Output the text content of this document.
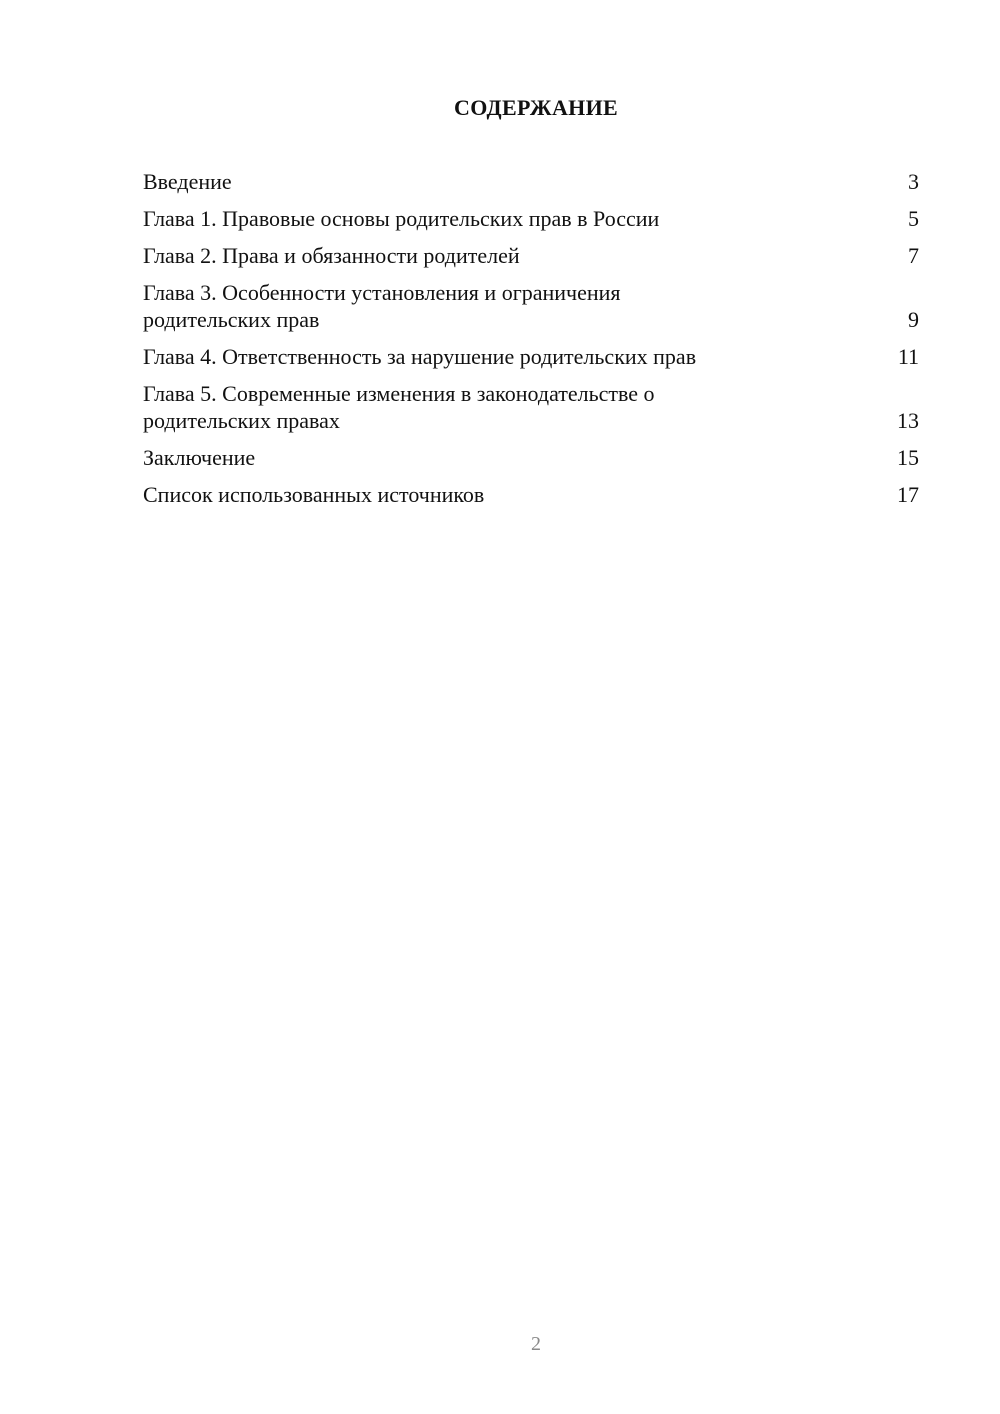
СОДЕРЖАНИЕ
Введение	3
Глава 1. Правовые основы родительских прав в России	5
Глава 2. Права и обязанности родителей	7
Глава 3. Особенности установления и ограничения
родительских прав	9
Глава 4. Ответственность за нарушение родительских прав	11
Глава 5. Современные изменения в законодательстве о
родительских правах	13
Заключение	15
Список использованных источников	17
2
